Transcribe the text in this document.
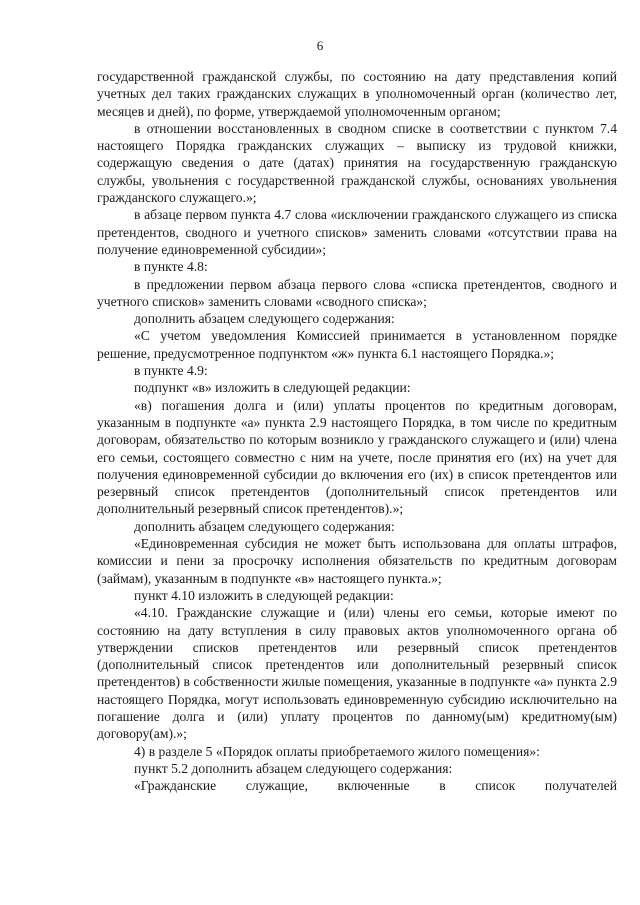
6

государственной гражданской службы, по состоянию на дату представления копий учетных дел таких гражданских служащих в уполномоченный орган (количество лет, месяцев и дней), по форме, утверждаемой уполномоченным органом;

в отношении восстановленных в сводном списке в соответствии с пунктом 7.4 настоящего Порядка гражданских служащих – выписку из трудовой книжки, содержащую сведения о дате (датах) принятия на государственную гражданскую службы, увольнения с государственной гражданской службы, основаниях увольнения гражданского служащего.»;

в абзаце первом пункта 4.7 слова «исключении гражданского служащего из списка претендентов, сводного и учетного списков» заменить словами «отсутствии права на получение единовременной субсидии»;

в пункте 4.8:

в предложении первом абзаца первого слова «списка претендентов, сводного и учетного списков» заменить словами «сводного списка»;

дополнить абзацем следующего содержания:

«С учетом уведомления Комиссией принимается в установленном порядке решение, предусмотренное подпунктом «ж» пункта 6.1 настоящего Порядка.»;

в пункте 4.9:

подпункт «в» изложить в следующей редакции:

«в) погашения долга и (или) уплаты процентов по кредитным договорам, указанным в подпункте «а» пункта 2.9 настоящего Порядка, в том числе по кредитным договорам, обязательство по которым возникло у гражданского служащего и (или) члена его семьи, состоящего совместно с ним на учете, после принятия его (их) на учет для получения единовременной субсидии до включения его (их) в список претендентов или резервный список претендентов (дополнительный список претендентов или дополнительный резервный список претендентов).»;

дополнить абзацем следующего содержания:

«Единовременная субсидия не может быть использована для оплаты штрафов, комиссии и пени за просрочку исполнения обязательств по кредитным договорам (займам), указанным в подпункте «в» настоящего пункта.»;

пункт 4.10 изложить в следующей редакции:

«4.10. Гражданские служащие и (или) члены его семьи, которые имеют по состоянию на дату вступления в силу правовых актов уполномоченного органа об утверждении списков претендентов или резервный список претендентов (дополнительный список претендентов или дополнительный резервный список претендентов) в собственности жилые помещения, указанные в подпункте «а» пункта 2.9 настоящего Порядка, могут использовать единовременную субсидию исключительно на погашение долга и (или) уплату процентов по данному(ым) кредитному(ым) договору(ам).»;

4) в разделе 5 «Порядок оплаты приобретаемого жилого помещения»:

пункт 5.2 дополнить абзацем следующего содержания:

«Гражданские служащие, включенные в список получателей
